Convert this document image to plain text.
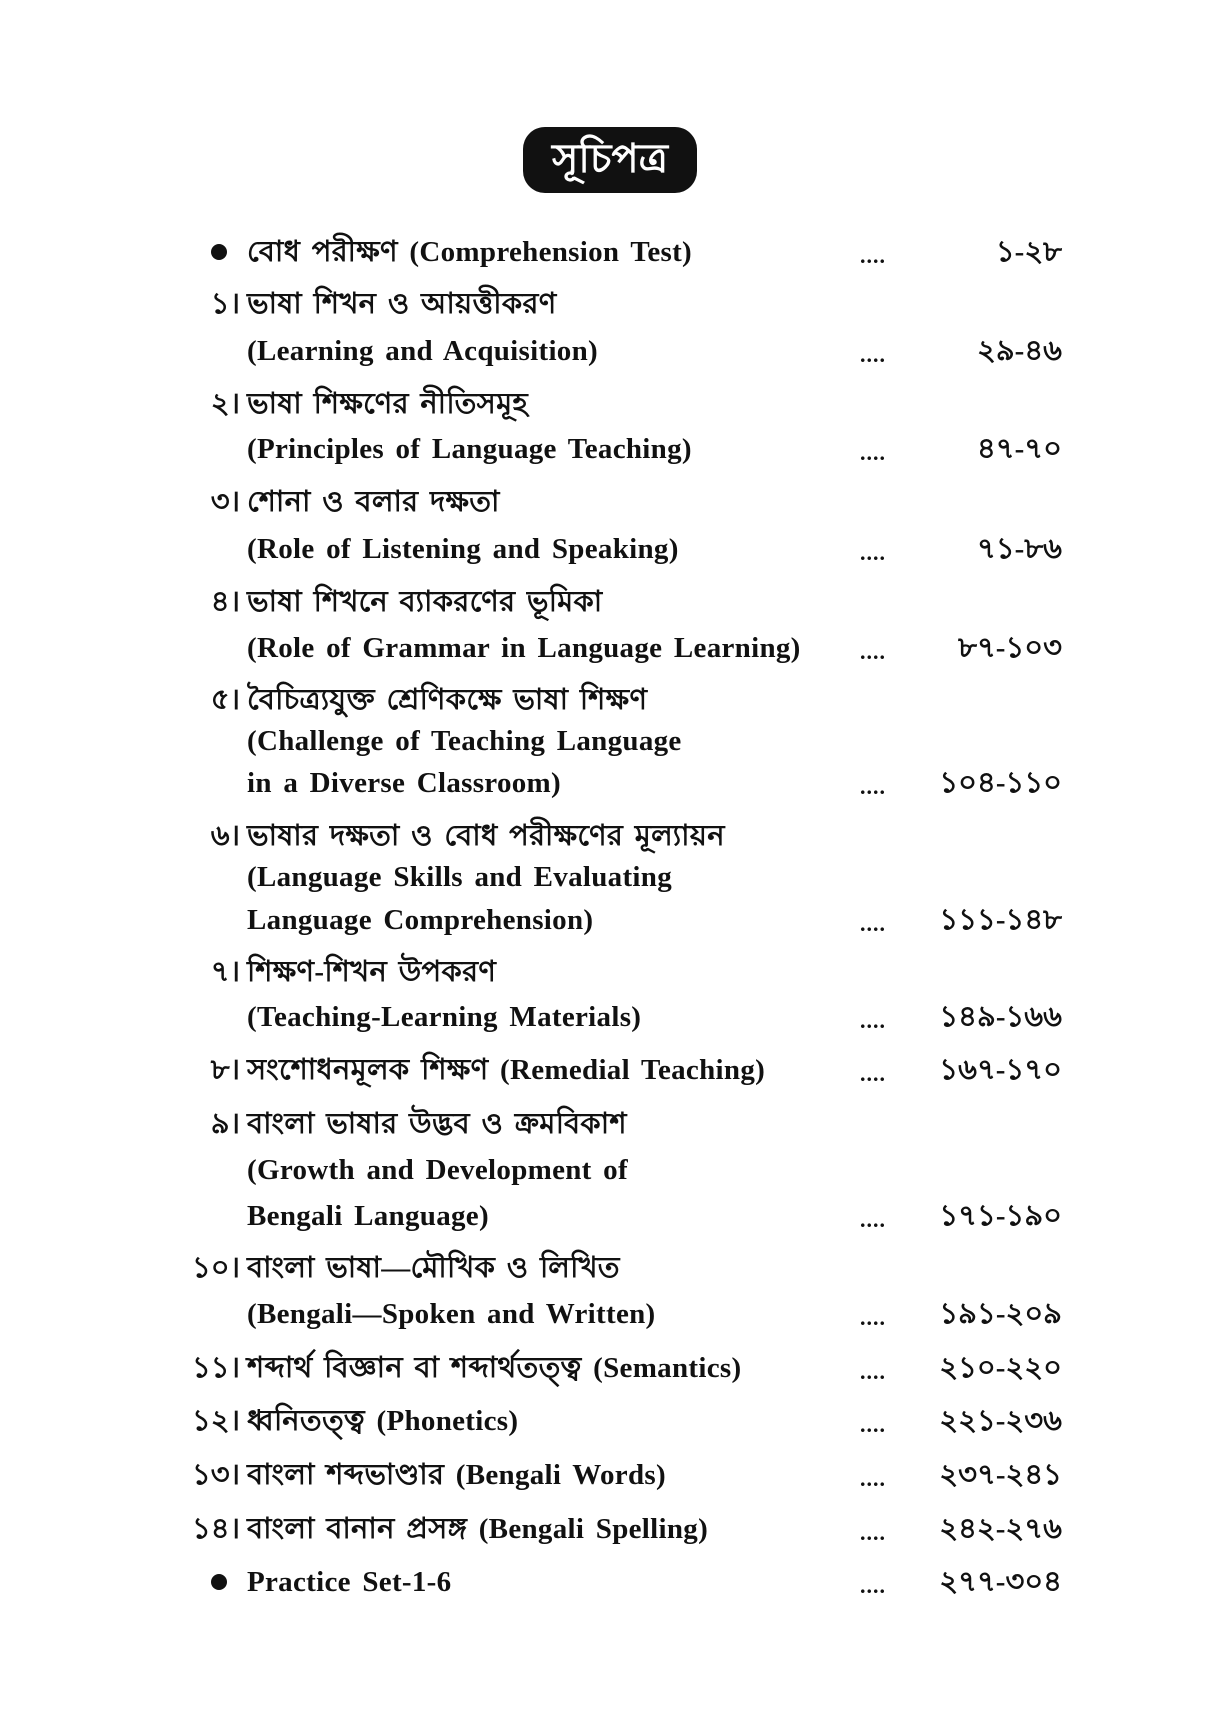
সূচিপত্র
বোধ পরীক্ষণ (Comprehension Test)	....	১-২৮
১। ভাষা শিখন ও আয়ত্তীকরণ
(Learning and Acquisition)	....	২৯-৪৬
২। ভাষা শিক্ষণের নীতিসমূহ
(Principles of Language Teaching)	....	৪৭-৭০
৩। শোনা ও বলার দক্ষতা
(Role of Listening and Speaking)	....	৭১-৮৬
৪। ভাষা শিখনে ব্যাকরণের ভূমিকা
(Role of Grammar in Language Learning)	.... ৮৭-১০৩
৫। বৈচিত্র্যযুক্ত শ্রেণিকক্ষে ভাষা শিক্ষণ
(Challenge of Teaching Language
in a Diverse Classroom)	.... ১০৪-১১০
৬। ভাষার দক্ষতা ও বোধ পরীক্ষণের মূল্যায়ন
(Language Skills and Evaluating
Language Comprehension)	.... ১১১-১৪৮
৭। শিক্ষণ-শিখন উপকরণ
(Teaching-Learning Materials)	.... ১৪৯-১৬৬
৮। সংশোধনমূলক শিক্ষণ (Remedial Teaching)	.... ১৬৭-১৭০
৯। বাংলা ভাষার উদ্ভব ও ক্রমবিকাশ
(Growth and Development of
Bengali Language)	.... ১৭১-১৯০
১০। বাংলা ভাষা—মৌখিক ও লিখিত
(Bengali—Spoken and Written)	.... ১৯১-২০৯
১১। শব্দার্থ বিজ্ঞান বা শব্দার্থতত্ত্ব (Semantics)	.... ২১০-২২০
১২। ধ্বনিতত্ত্ব (Phonetics)	.... ২২১-২৩৬
১৩। বাংলা শব্দভাণ্ডার (Bengali Words)	.... ২৩৭-২৪১
১৪। বাংলা বানান প্রসঙ্গ (Bengali Spelling)	.... ২৪২-২৭৬
Practice Set-1-6	.... ২৭৭-৩০৪
